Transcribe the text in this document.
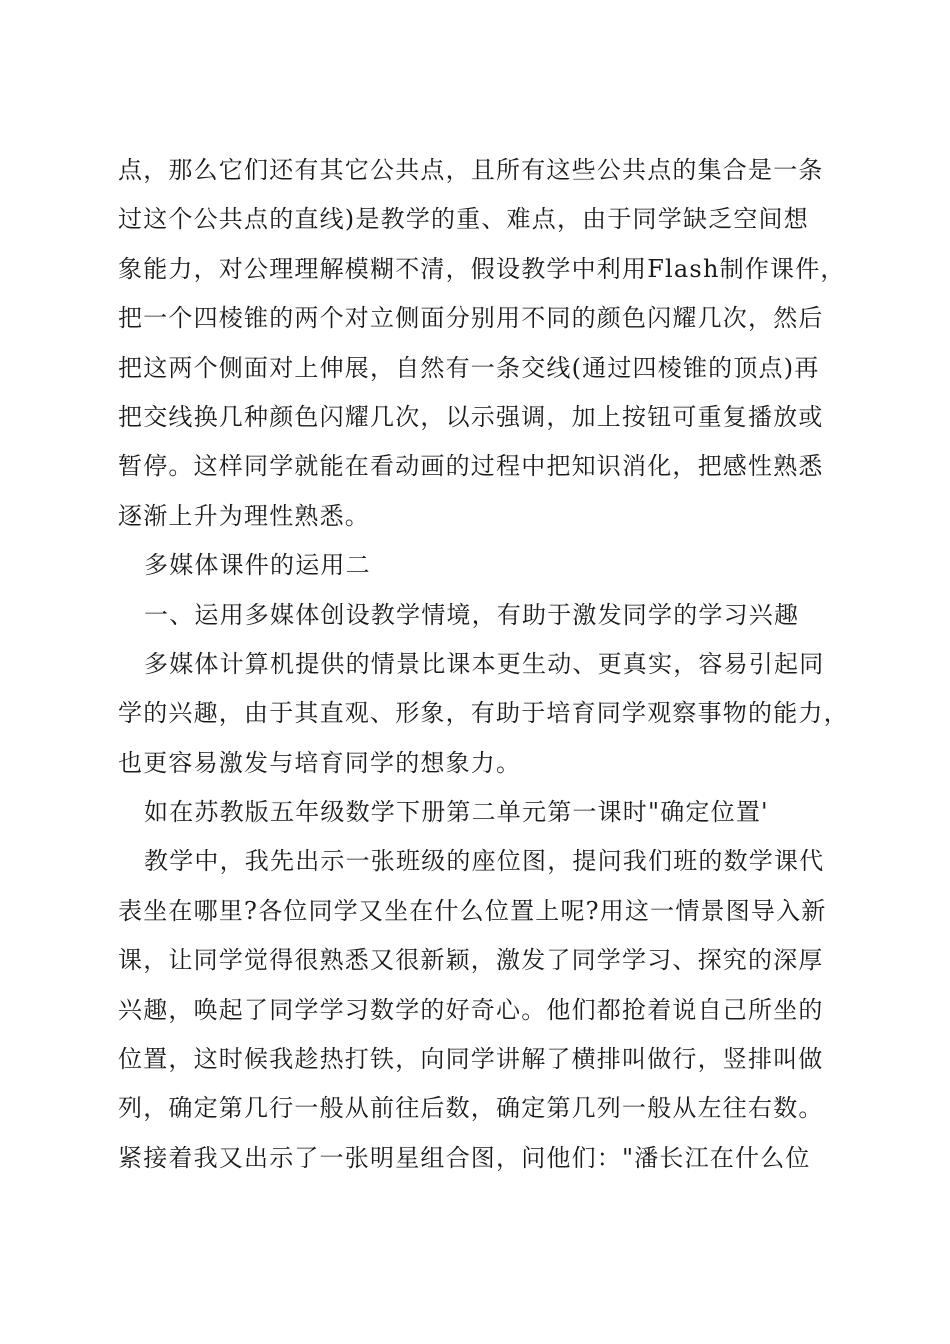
点，那么它们还有其它公共点，且所有这些公共点的集合是一条
过这个公共点的直线)是教学的重、难点，由于同学缺乏空间想
象能力，对公理理解模糊不清，假设教学中利用Flash制作课件，
把一个四棱锥的两个对立侧面分别用不同的颜色闪耀几次，然后
把这两个侧面对上伸展，自然有一条交线(通过四棱锥的顶点)再
把交线换几种颜色闪耀几次，以示强调，加上按钮可重复播放或
暂停。这样同学就能在看动画的过程中把知识消化，把感性熟悉
逐渐上升为理性熟悉。
多媒体课件的运用二
一、运用多媒体创设教学情境，有助于激发同学的学习兴趣
多媒体计算机提供的情景比课本更生动、更真实，容易引起同
学的兴趣，由于其直观、形象，有助于培育同学观察事物的能力，
也更容易激发与培育同学的想象力。
如在苏教版五年级数学下册第二单元第一课时"确定位置'
教学中，我先出示一张班级的座位图，提问我们班的数学课代
表坐在哪里?各位同学又坐在什么位置上呢?用这一情景图导入新
课，让同学觉得很熟悉又很新颖，激发了同学学习、探究的深厚
兴趣，唤起了同学学习数学的好奇心。他们都抢着说自己所坐的
位置，这时候我趁热打铁，向同学讲解了横排叫做行，竖排叫做
列，确定第几行一般从前往后数，确定第几列一般从左往右数。
紧接着我又出示了一张明星组合图，问他们："潘长江在什么位
